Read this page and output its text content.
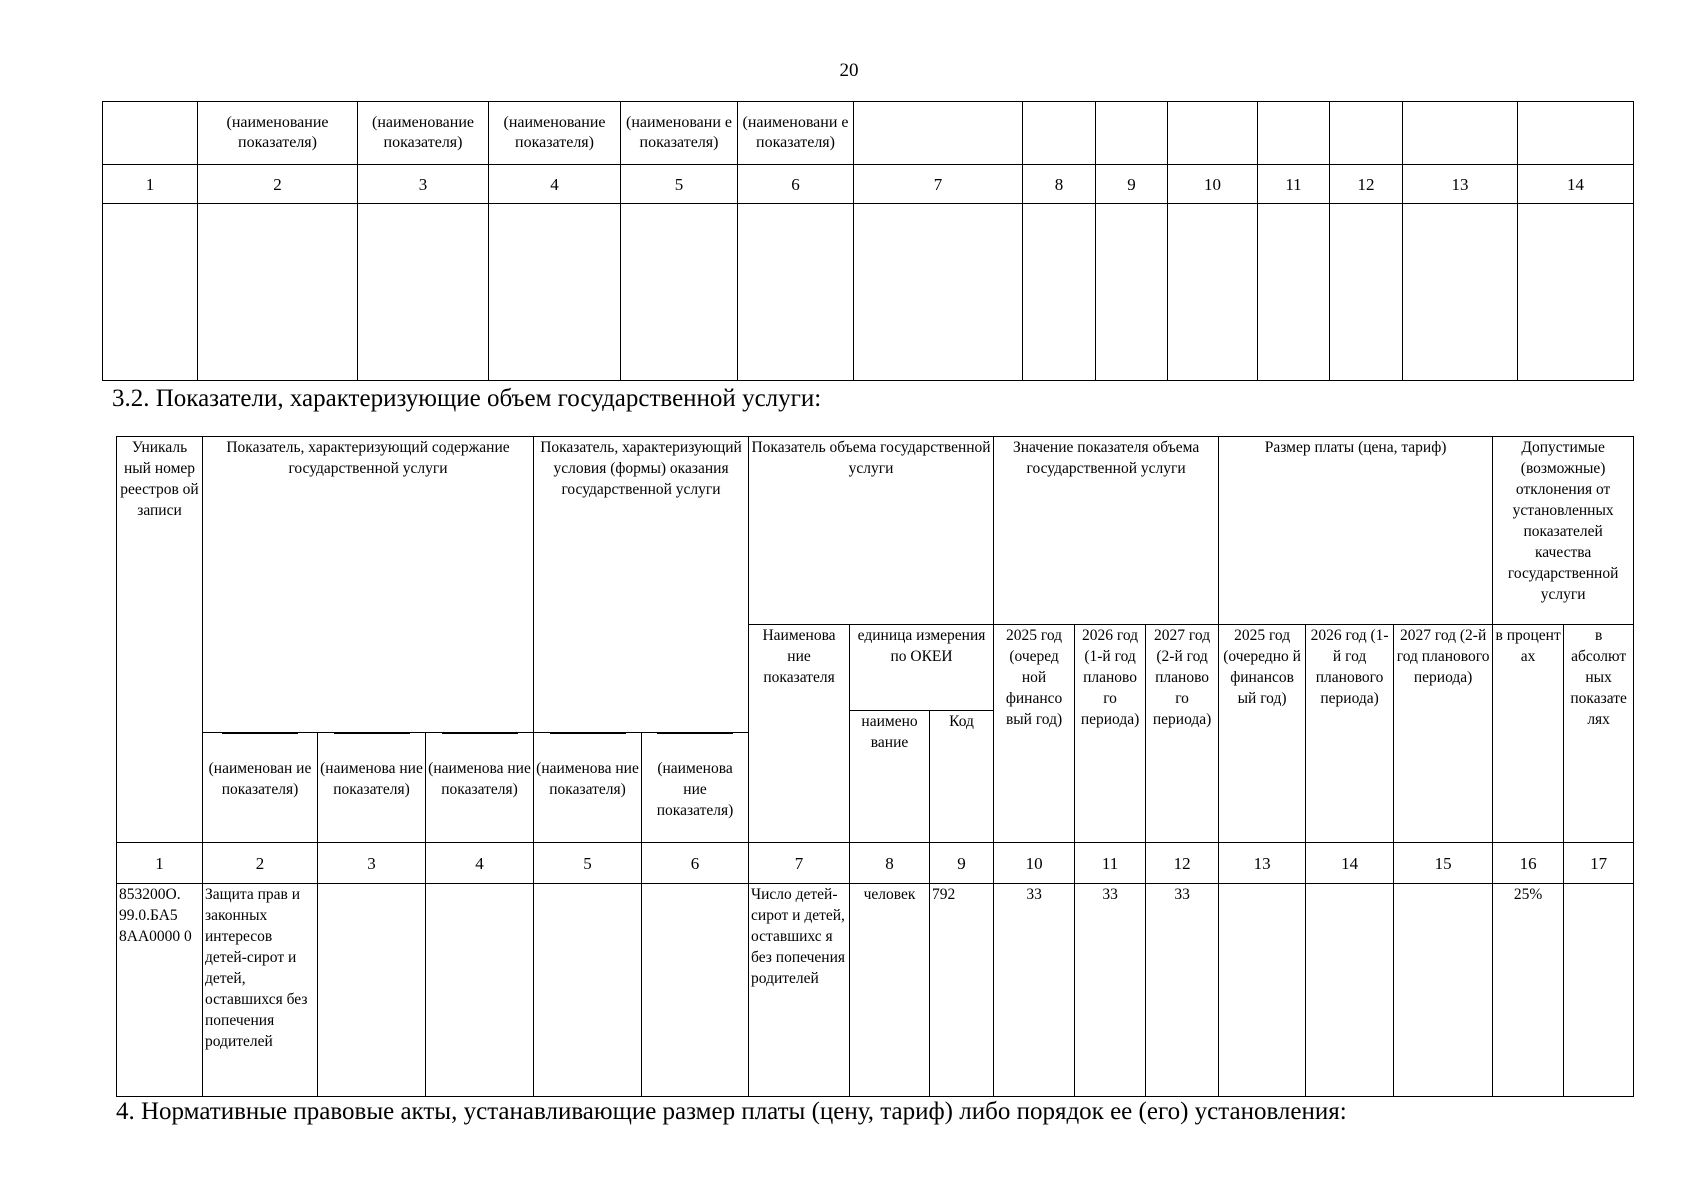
20
	(наименование показателя)	(наименование показателя)	(наименование показателя)	(наименовани е показателя)	(наименовани е показателя)								
1	2	3	4	5	6	7	8	9	10	11	12	13	14

3.2. Показатели, характеризующие объем государственной услуги:
Уникаль ный номер реестров ой записи	Показатель, характеризующий содержание государственной услуги			Показатель, характеризующий условия (формы) оказания государственной услуги		Показатель объема государственной услуги			Значение показателя объема государственной услуги			Размер платы (цена, тариф)			Допустимые (возможные) отклонения от установленных показателей качества государственной услуги	
						Наименова ние показателя	единица измерения по ОКЕИ		2025 год (очеред ной финансо вый год)	2026 год (1-й год планово го периода)	2027 год (2-й год планово го периода)	2025 год (очередно й финансов ый год)	2026 год (1-й год планового периода)	2027 год (2-й год планового периода)	в процент ах	в абсолют ных показате лях
							наимено вание	Код								

	(наименован ие показателя)	(наименова ние показателя)	(наименова ние показателя)	(наименова ние показателя)	(наименова ние показателя)											

1	2	3	4	5	6	7	8	9	10	11	12	13	14	15	16	17
853200О. 99.0.БА5 8АА0000 0	Защита прав и законных интересов детей-сирот и детей, оставшихся без попечения родителей					Число детей-сирот и детей, оставшихс я без попечения родителей	человек	792	33	33	33				25%	
4. Нормативные правовые акты, устанавливающие размер платы (цену, тариф) либо порядок ее (его) установления:
